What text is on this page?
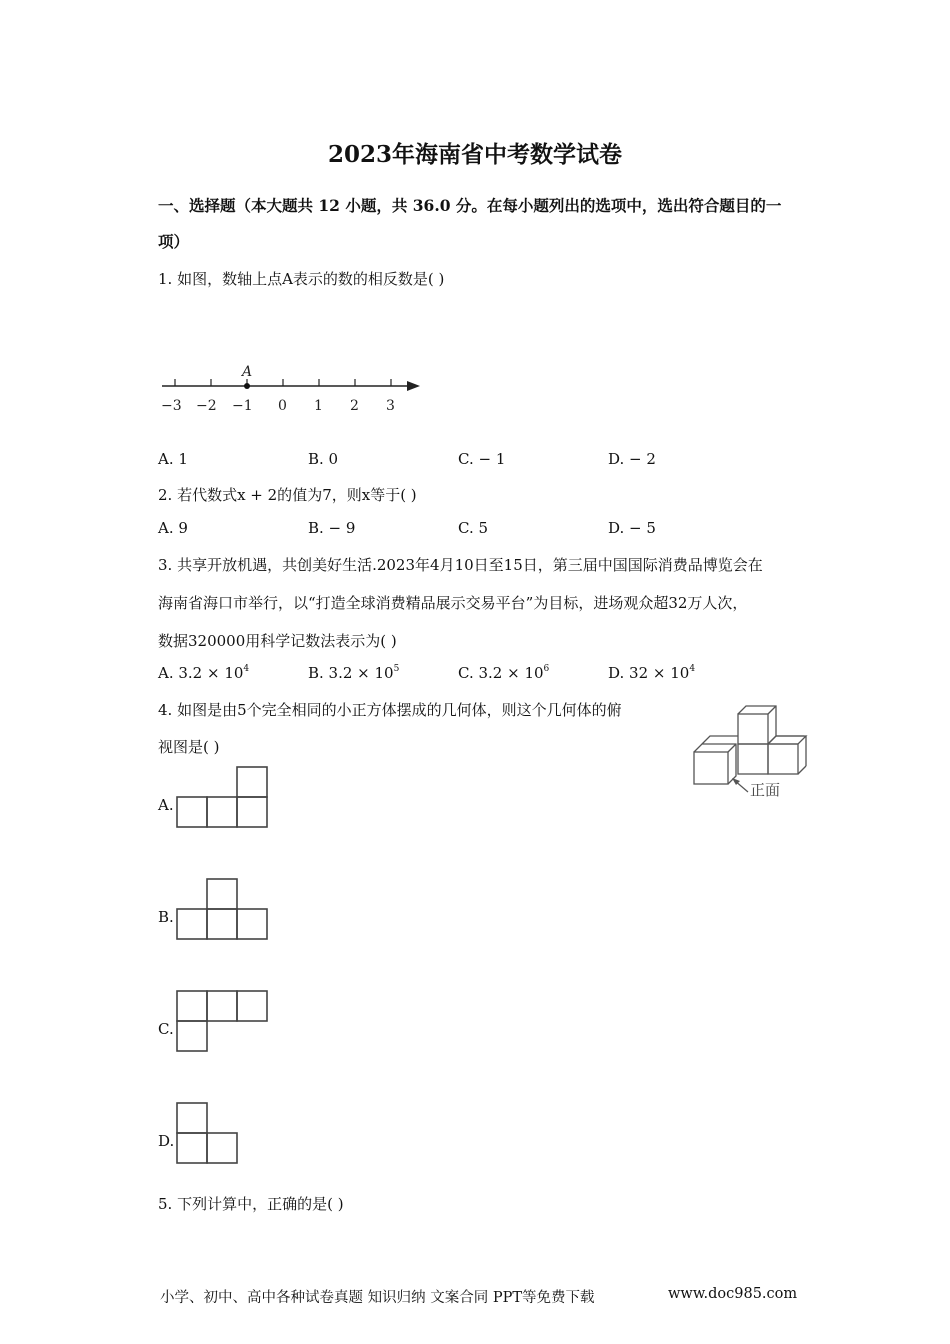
2023年海南省中考数学试卷
一、选择题（本大题共 12 小题，共 36.0 分。在每小题列出的选项中，选出符合题目的一
项）
1. 如图，数轴上点A表示的数的相反数是( )
A
−3 −2 −1 0 1 2 3
A. 1	B. 0	C. − 1	D. − 2
2. 若代数式x + 2的值为7，则x等于( )
A. 9	B. − 9	C. 5	D. − 5
3. 共享开放机遇，共创美好生活.2023年4月10日至15日，第三届中国国际消费品博览会在
海南省海口市举行，以“打造全球消费精品展示交易平台”为目标，进场观众超32万人次，
数据320000用科学记数法表示为( )
A. $3.2 \times 10^4$	B. $3.2 \times 10^5$	C. $3.2 \times 10^6$	D. $32 \times 10^4$
4. 如图是由5个完全相同的小正方体摆成的几何体，则这个几何体的俯
视图是( )
正面
A.
B.
C.
D.
5. 下列计算中，正确的是( )
小学、初中、高中各种试卷真题 知识归纳 文案合同 PPT等免费下载	www.doc985.com
